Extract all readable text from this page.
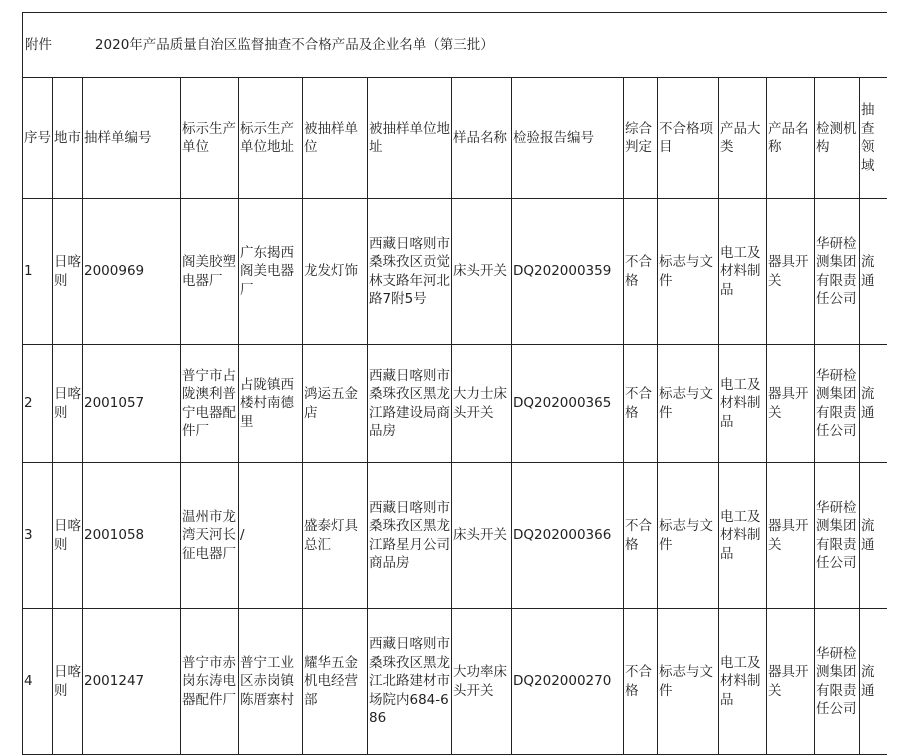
附件 2020年产品质量自治区监督抽查不合格产品及企业名单（第三批）														
序号	地市	抽样单编号	标示生产单位	标示生产单位地址	被抽样单位	被抽样单位地址	样品名称	检验报告编号	综合判定	不合格项目	产品大类	产品名称	检测机构	抽查领域
1	日喀则	2000969	阁美胶塑电器厂	广东揭西阁美电器厂	龙发灯饰	西藏日喀则市桑珠孜区贡觉林支路年河北路7附5号	床头开关	DQ202000359	不合格	标志与文件	电工及材料制品	器具开关	华研检测集团有限责任公司	流通
2	日喀则	2001057	普宁市占陇澳利普宁电器配件厂	占陇镇西楼村南德里	鸿运五金店	西藏日喀则市桑珠孜区黑龙江路建设局商品房	大力士床头开关	DQ202000365	不合格	标志与文件	电工及材料制品	器具开关	华研检测集团有限责任公司	流通
3	日喀则	2001058	温州市龙湾天河长征电器厂	/	盛泰灯具总汇	西藏日喀则市桑珠孜区黑龙江路星月公司商品房	床头开关	DQ202000366	不合格	标志与文件	电工及材料制品	器具开关	华研检测集团有限责任公司	流通
4	日喀则	2001247	普宁市赤岗东涛电器配件厂	普宁工业区赤岗镇陈厝寨村	耀华五金机电经营部	西藏日喀则市桑珠孜区黑龙江北路建材市场院内684-686	大功率床头开关	DQ202000270	不合格	标志与文件	电工及材料制品	器具开关	华研检测集团有限责任公司	流通
